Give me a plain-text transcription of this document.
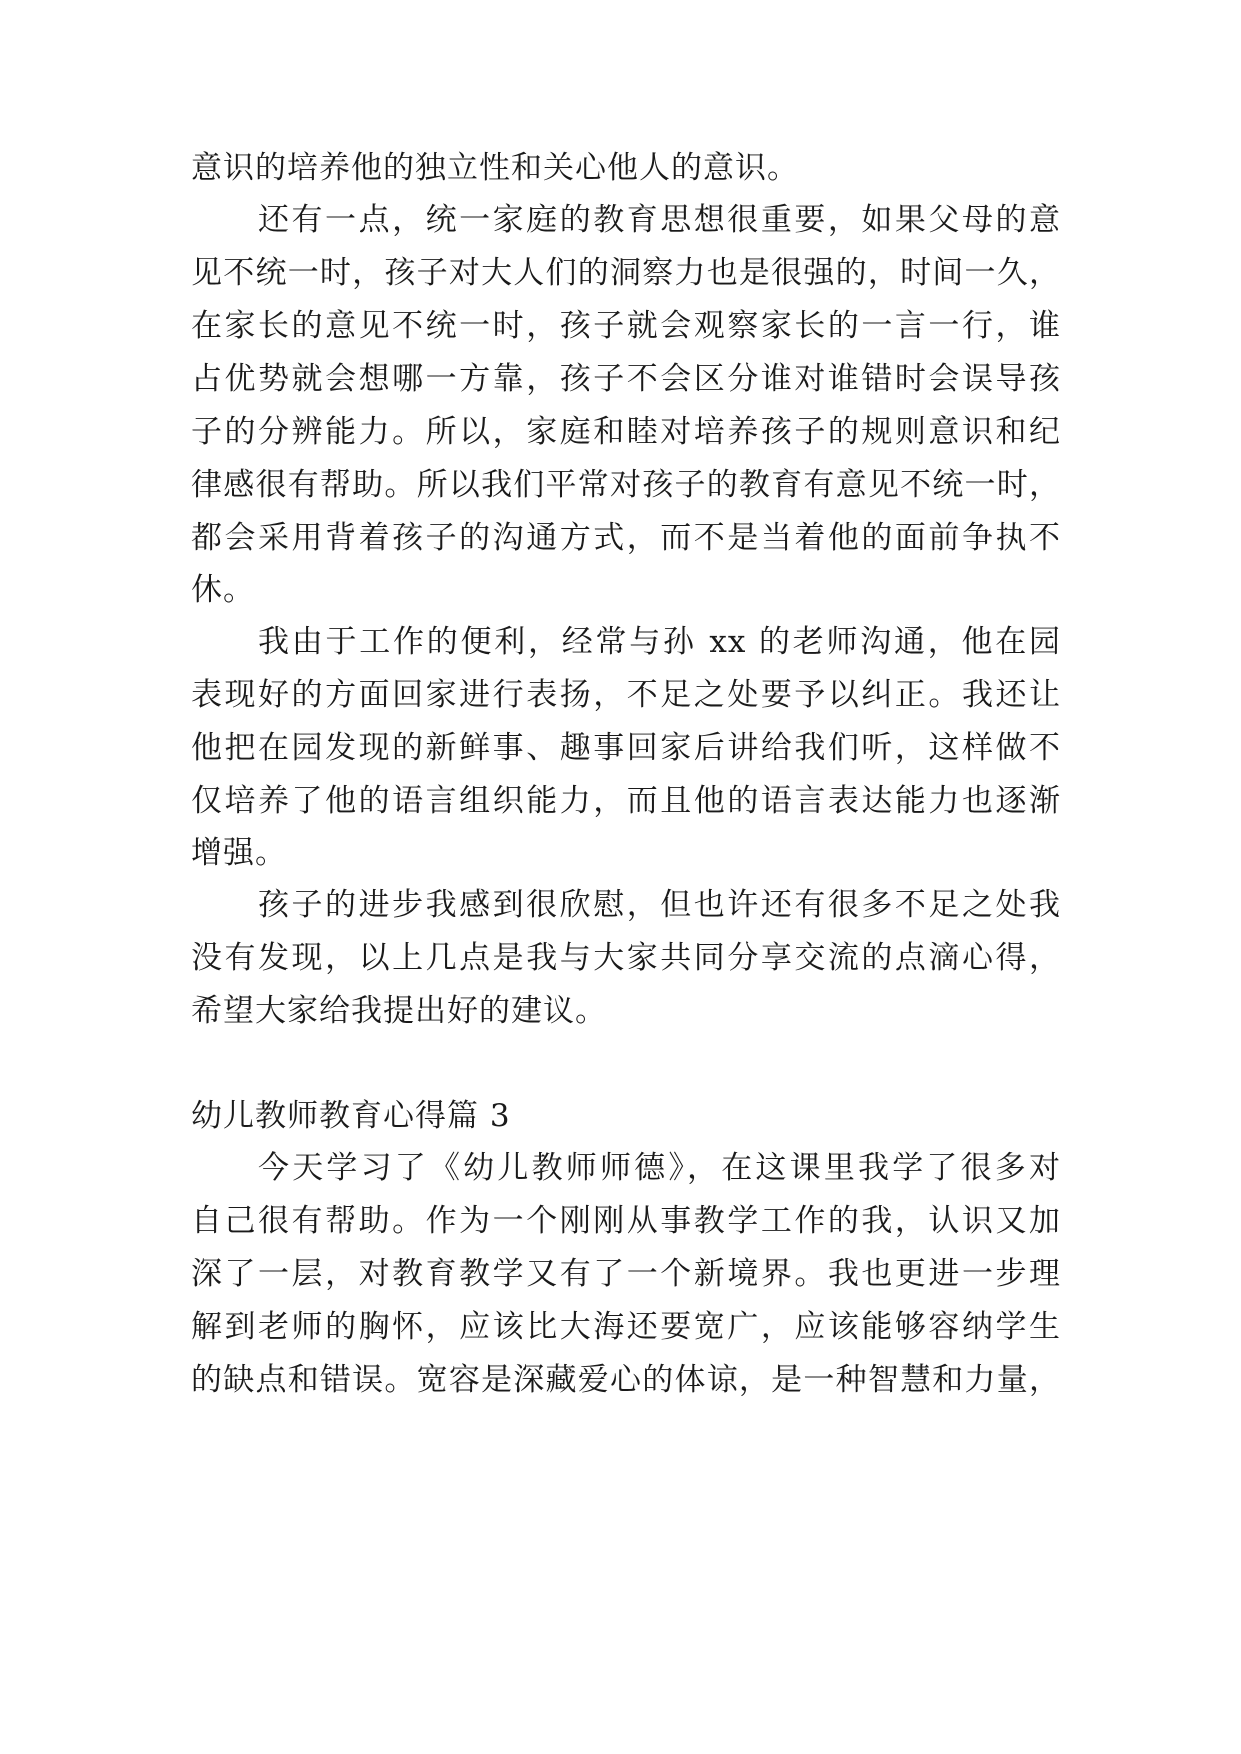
意识的培养他的独立性和关心他人的意识。
还有一点，统一家庭的教育思想很重要，如果父母的意
见不统一时，孩子对大人们的洞察力也是很强的，时间一久，
在家长的意见不统一时，孩子就会观察家长的一言一行，谁
占优势就会想哪一方靠，孩子不会区分谁对谁错时会误导孩
子的分辨能力。所以，家庭和睦对培养孩子的规则意识和纪
律感很有帮助。所以我们平常对孩子的教育有意见不统一时，
都会采用背着孩子的沟通方式，而不是当着他的面前争执不
休。
我由于工作的便利，经常与孙 xx 的老师沟通，他在园
表现好的方面回家进行表扬，不足之处要予以纠正。我还让
他把在园发现的新鲜事、趣事回家后讲给我们听，这样做不
仅培养了他的语言组织能力，而且他的语言表达能力也逐渐
增强。
孩子的进步我感到很欣慰，但也许还有很多不足之处我
没有发现，以上几点是我与大家共同分享交流的点滴心得，
希望大家给我提出好的建议。
幼儿教师教育心得篇 3
今天学习了《幼儿教师师德》，在这课里我学了很多对
自己很有帮助。作为一个刚刚从事教学工作的我，认识又加
深了一层，对教育教学又有了一个新境界。我也更进一步理
解到老师的胸怀，应该比大海还要宽广，应该能够容纳学生
的缺点和错误。宽容是深藏爱心的体谅，是一种智慧和力量，
